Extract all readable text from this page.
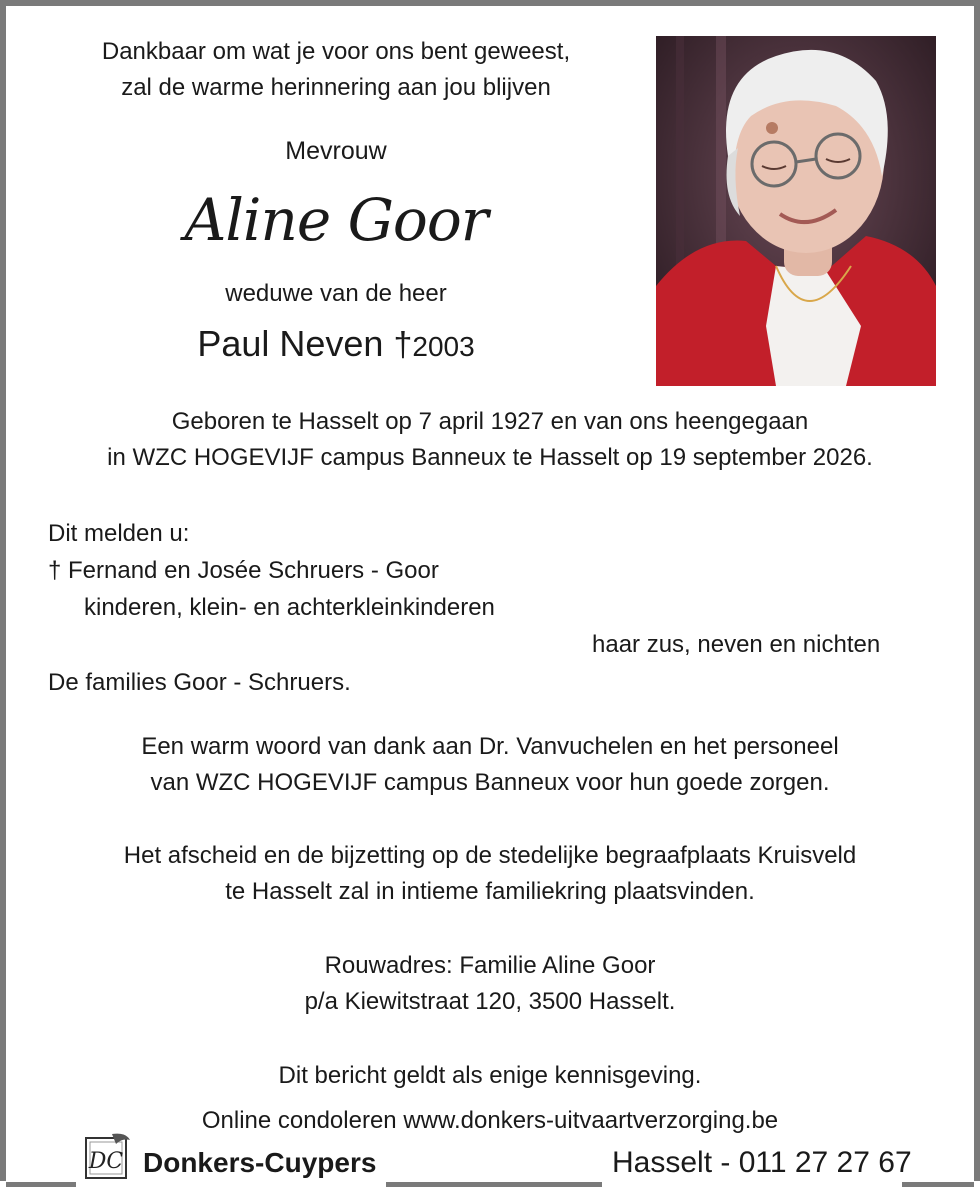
Dankbaar om wat je voor ons bent geweest,
zal de warme herinnering aan jou blijven
Mevrouw
Aline Goor
weduwe van de heer
Paul Neven †2003
Geboren te Hasselt op 7 april 1927 en van ons heengegaan
in WZC HOGEVIJF campus Banneux te Hasselt op 19 september 2026.
Dit melden u:
† Fernand en Josée Schruers - Goor
kinderen, klein- en achterkleinkinderen
haar zus, neven en nichten
De families Goor - Schruers.
Een warm woord van dank aan Dr. Vanvuchelen en het personeel
van WZC HOGEVIJF campus Banneux voor hun goede zorgen.
Het afscheid en de bijzetting op de stedelijke begraafplaats Kruisveld
te Hasselt zal in intieme familiekring plaatsvinden.
Rouwadres: Familie Aline Goor
p/a Kiewitstraat 120, 3500 Hasselt.
Dit bericht geldt als enige kennisgeving.
Online condoleren www.donkers-uitvaartverzorging.be
DC Donkers-Cuypers	Hasselt - 011 27 27 67
